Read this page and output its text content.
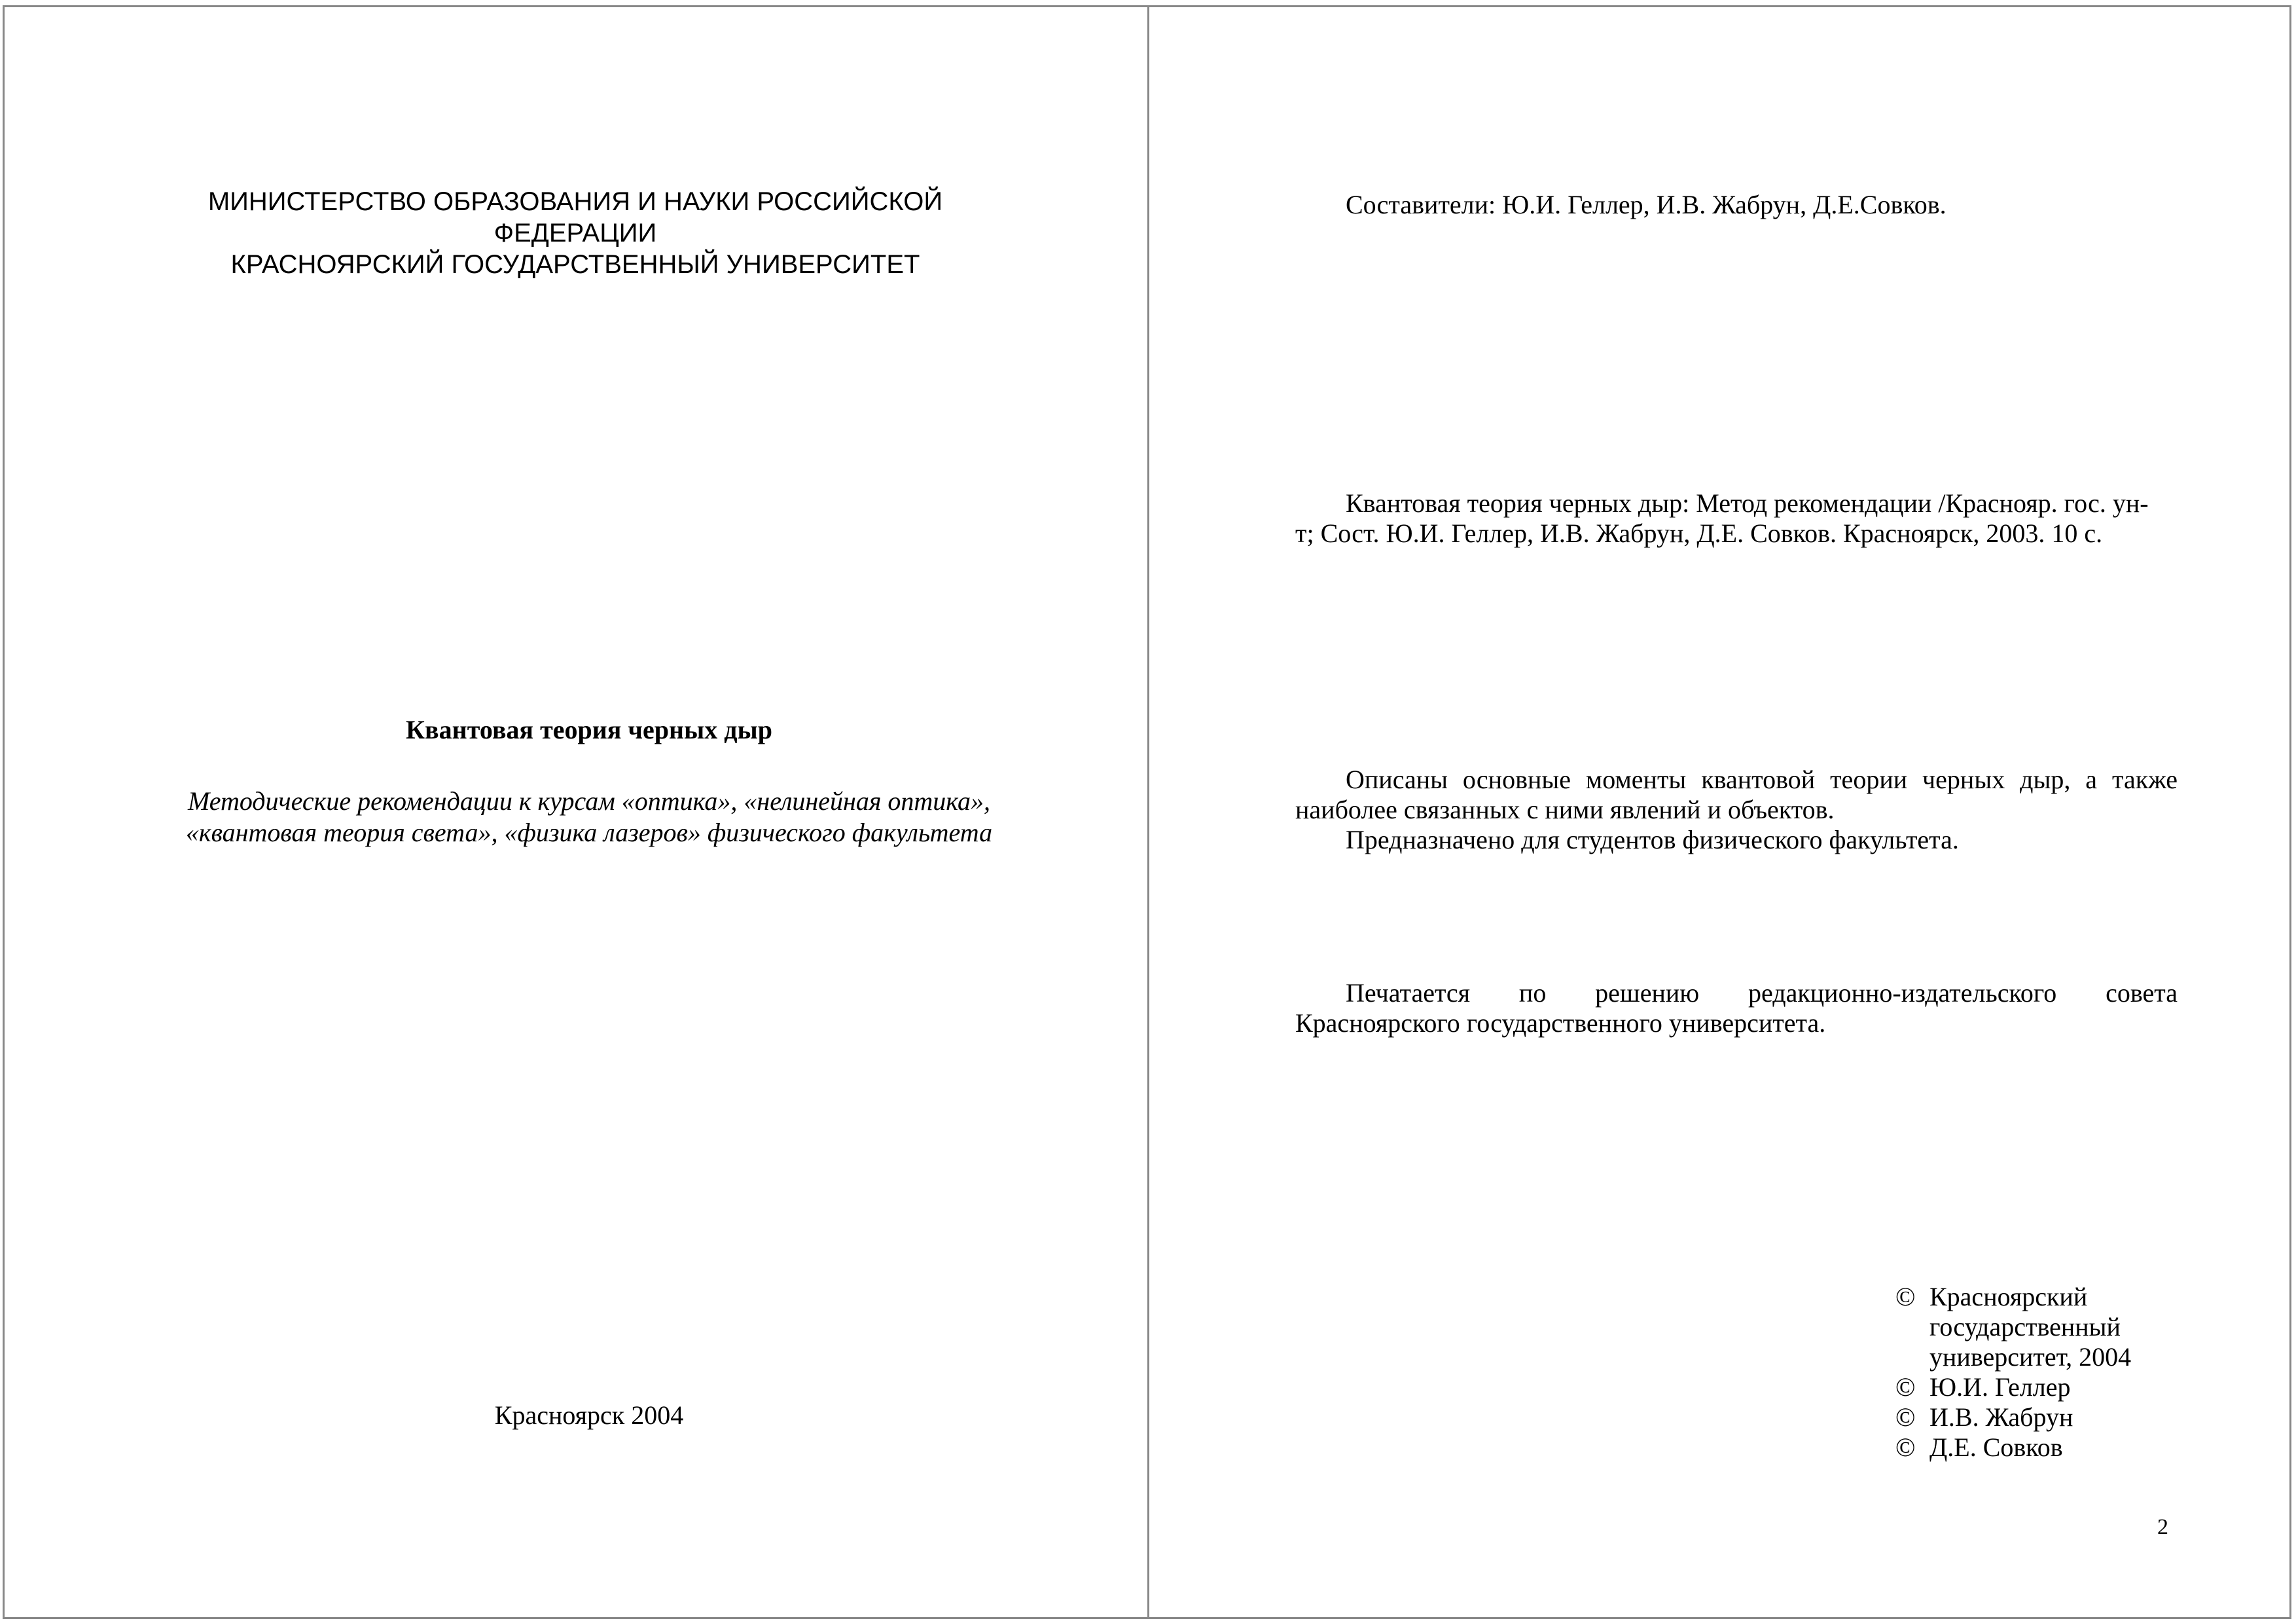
МИНИСТЕРСТВО ОБРАЗОВАНИЯ И НАУКИ РОССИЙСКОЙ
ФЕДЕРАЦИИ
КРАСНОЯРСКИЙ ГОСУДАРСТВЕННЫЙ УНИВЕРСИТЕТ
Квантовая теория черных дыр
Методические рекомендации к курсам «оптика», «нелинейная оптика»,
«квантовая теория света», «физика лазеров» физического факультета
Красноярск 2004
Составители: Ю.И. Геллер, И.В. Жабрун, Д.Е.Совков.
Квантовая теория черных дыр: Метод рекомендации /Краснояр. гос. ун-
т; Сост. Ю.И. Геллер, И.В. Жабрун, Д.Е. Совков. Красноярск, 2003. 10 с.
Описаны основные моменты квантовой теории черных дыр, а также
наиболее связанных с ними явлений и объектов.
Предназначено для студентов физического факультета.
Печатается по решению редакционно-издательского совета
Красноярского государственного университета.
© Красноярский
государственный
университет, 2004
© Ю.И. Геллер
© И.В. Жабрун
© Д.Е. Совков
2
